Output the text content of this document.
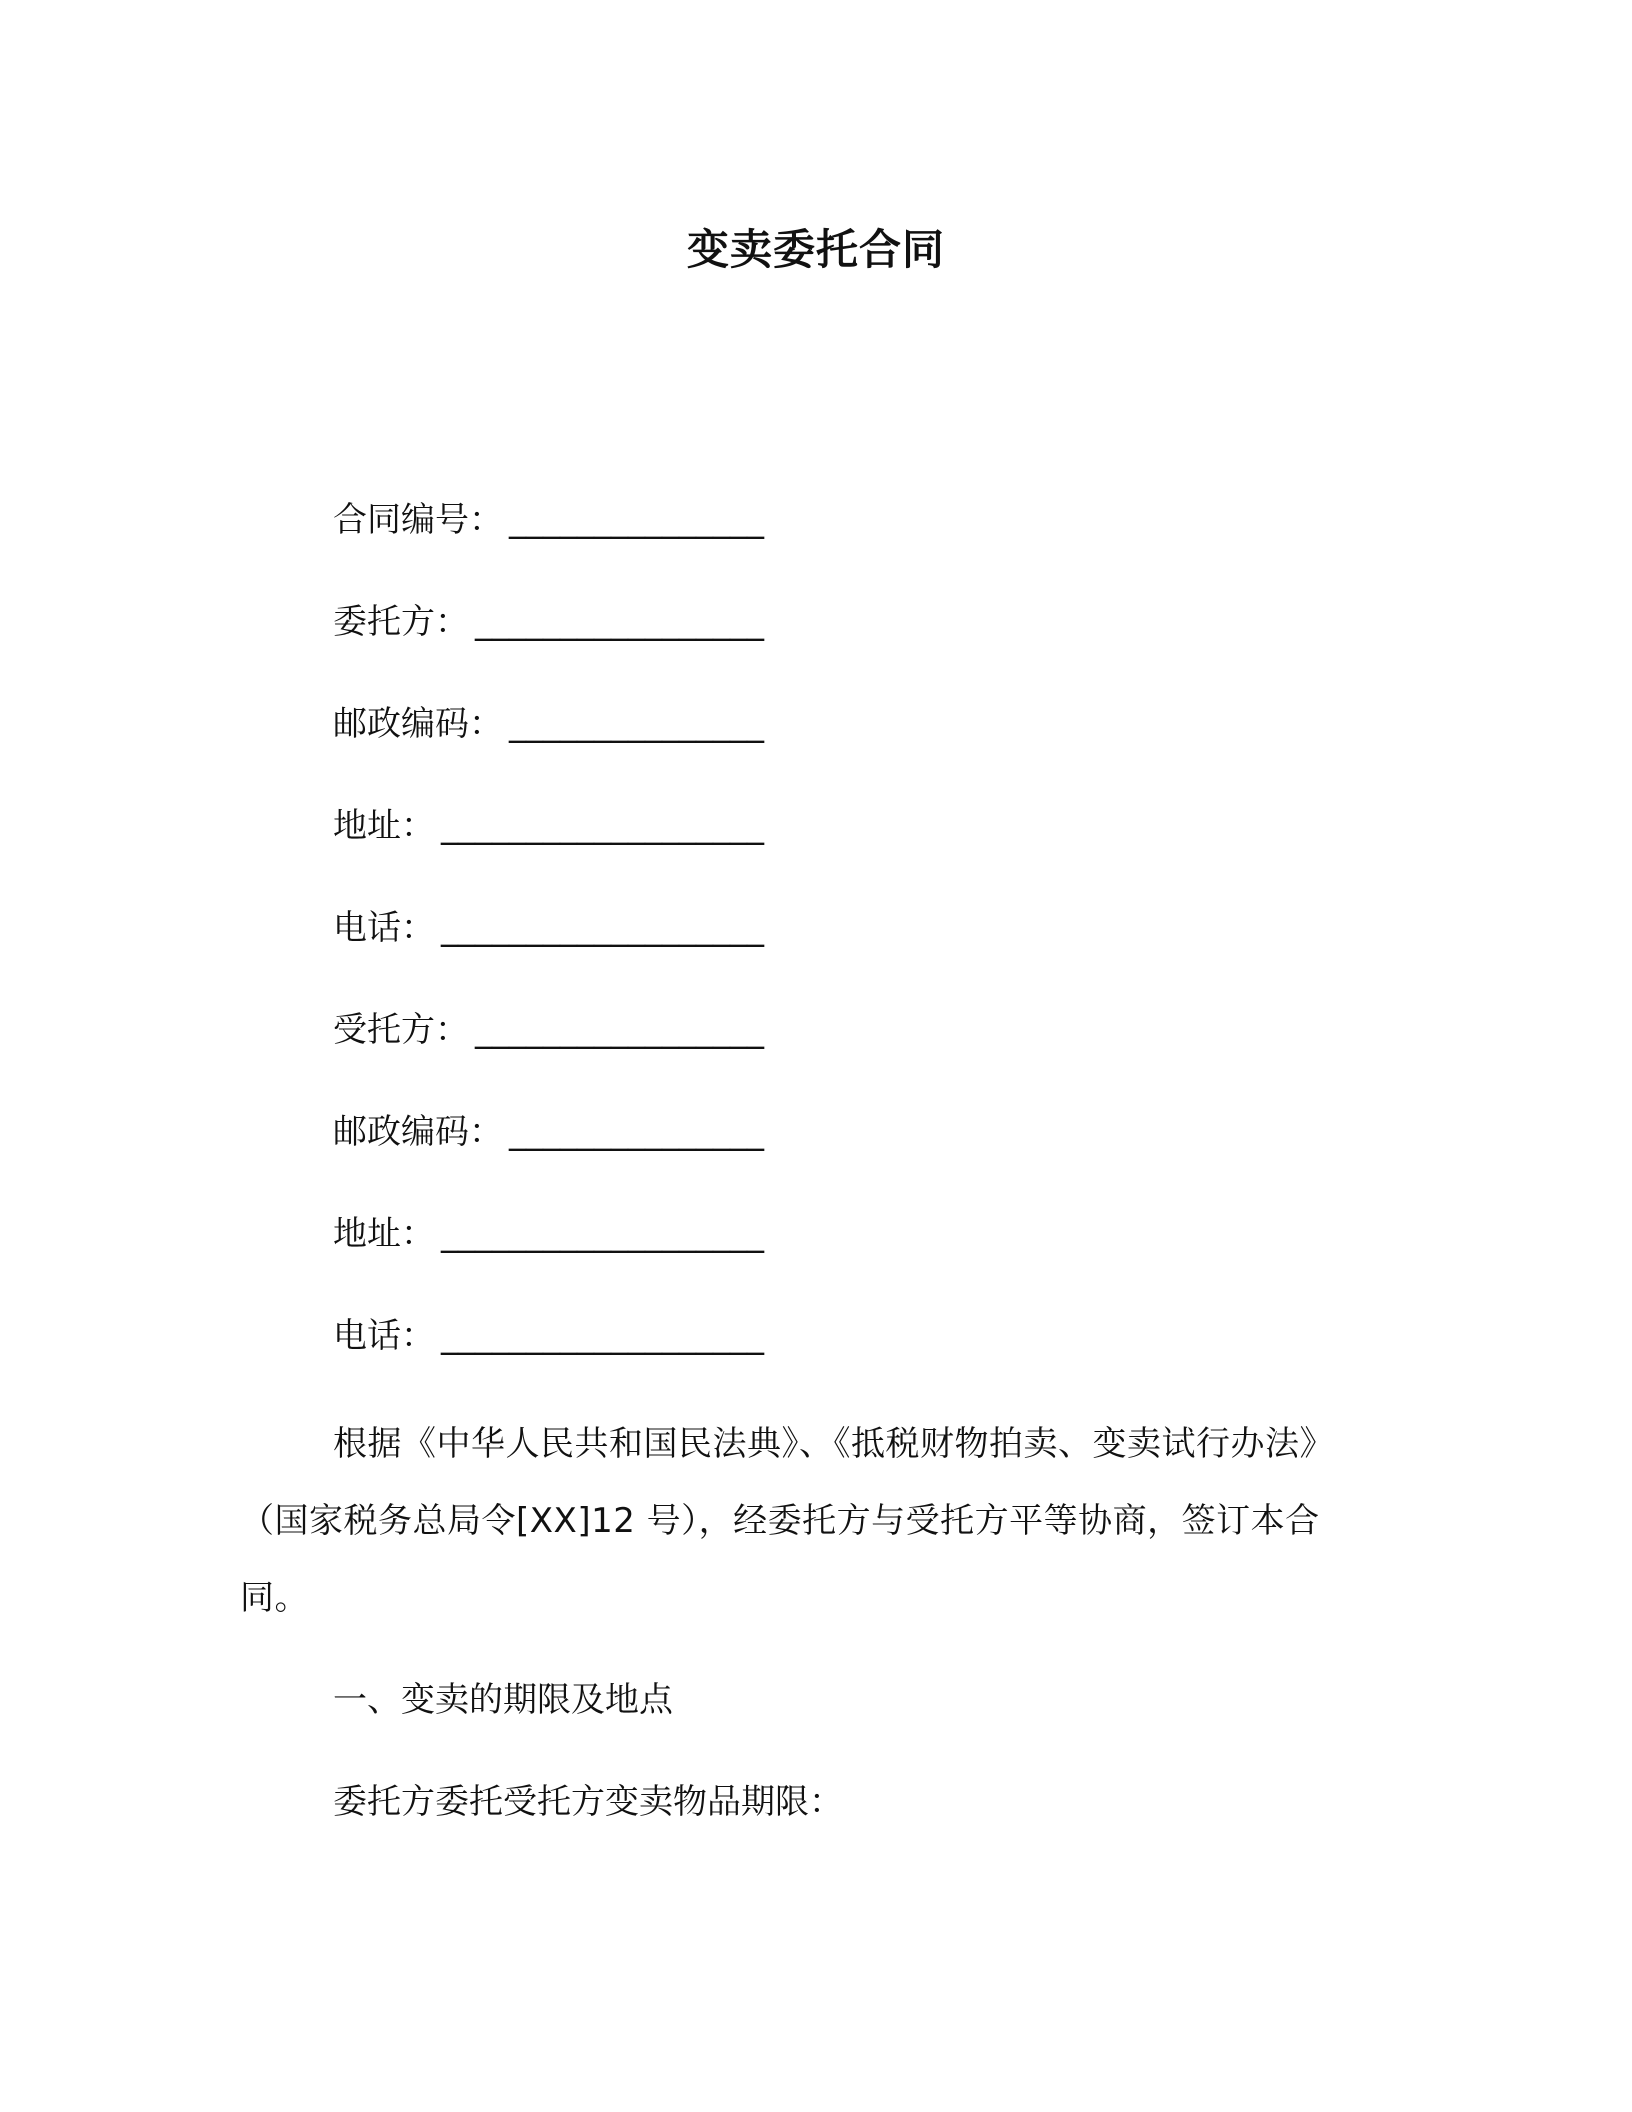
变卖委托合同
合同编号： _______________
委托方： _________________
邮政编码： _______________
地址： ___________________
电话： ___________________
受托方： _________________
邮政编码： _______________
地址： ___________________
电话： ___________________
根据《中华人民共和国民法典》、《抵税财物拍卖、变卖试行办法》（国家税务总局令[XX]12 号），经委托方与受托方平等协商，签订本合同。
一、变卖的期限及地点
委托方委托受托方变卖物品期限：
